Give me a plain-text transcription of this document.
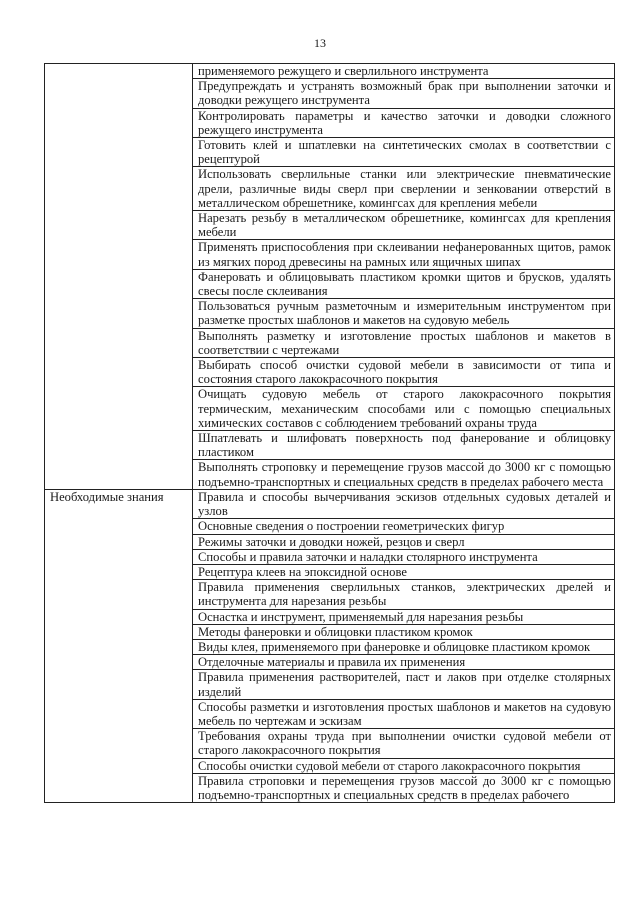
13
	применяемого режущего и сверлильного инструмента
	Предупреждать и устранять возможный брак при выполнении заточки и доводки режущего инструмента
	Контролировать параметры и качество заточки и доводки сложного режущего инструмента
	Готовить клей и шпатлевки на синтетических смолах в соответствии с рецептурой
	Использовать сверлильные станки или электрические пневматические дрели, различные виды сверл при сверлении и зенковании отверстий в металлическом обрешетнике, комингсах для крепления мебели
	Нарезать резьбу в металлическом обрешетнике, комингсах для крепления мебели
	Применять приспособления при склеивании нефанерованных щитов, рамок из мягких пород древесины на рамных или ящичных шипах
	Фанеровать и облицовывать пластиком кромки щитов и брусков, удалять свесы после склеивания
	Пользоваться ручным разметочным и измерительным инструментом при разметке простых шаблонов и макетов на судовую мебель
	Выполнять разметку и изготовление простых шаблонов и макетов в соответствии с чертежами
	Выбирать способ очистки судовой мебели в зависимости от типа и состояния старого лакокрасочного покрытия
	Очищать судовую мебель от старого лакокрасочного покрытия термическим, механическим способами или с помощью специальных химических составов с соблюдением требований охраны труда
	Шпатлевать и шлифовать поверхность под фанерование и облицовку пластиком
	Выполнять строповку и перемещение грузов массой до 3000 кг с помощью подъемно-транспортных и специальных средств в пределах рабочего места
Необходимые знания	Правила и способы вычерчивания эскизов отдельных судовых деталей и узлов
	Основные сведения о построении геометрических фигур
	Режимы заточки и доводки ножей, резцов и сверл
	Способы и правила заточки и наладки столярного инструмента
	Рецептура клеев на эпоксидной основе
	Правила применения сверлильных станков, электрических дрелей и инструмента для нарезания резьбы
	Оснастка и инструмент, применяемый для нарезания резьбы
	Методы фанеровки и облицовки пластиком кромок
	Виды клея, применяемого при фанеровке и облицовке пластиком кромок
	Отделочные материалы и правила их применения
	Правила применения растворителей, паст и лаков при отделке столярных изделий
	Способы разметки и изготовления простых шаблонов и макетов на судовую мебель по чертежам и эскизам
	Требования охраны труда при выполнении очистки судовой мебели от старого лакокрасочного покрытия
	Способы очистки судовой мебели от старого лакокрасочного покрытия
	Правила строповки и перемещения грузов массой до 3000 кг с помощью подъемно-транспортных и специальных средств в пределах рабочего
